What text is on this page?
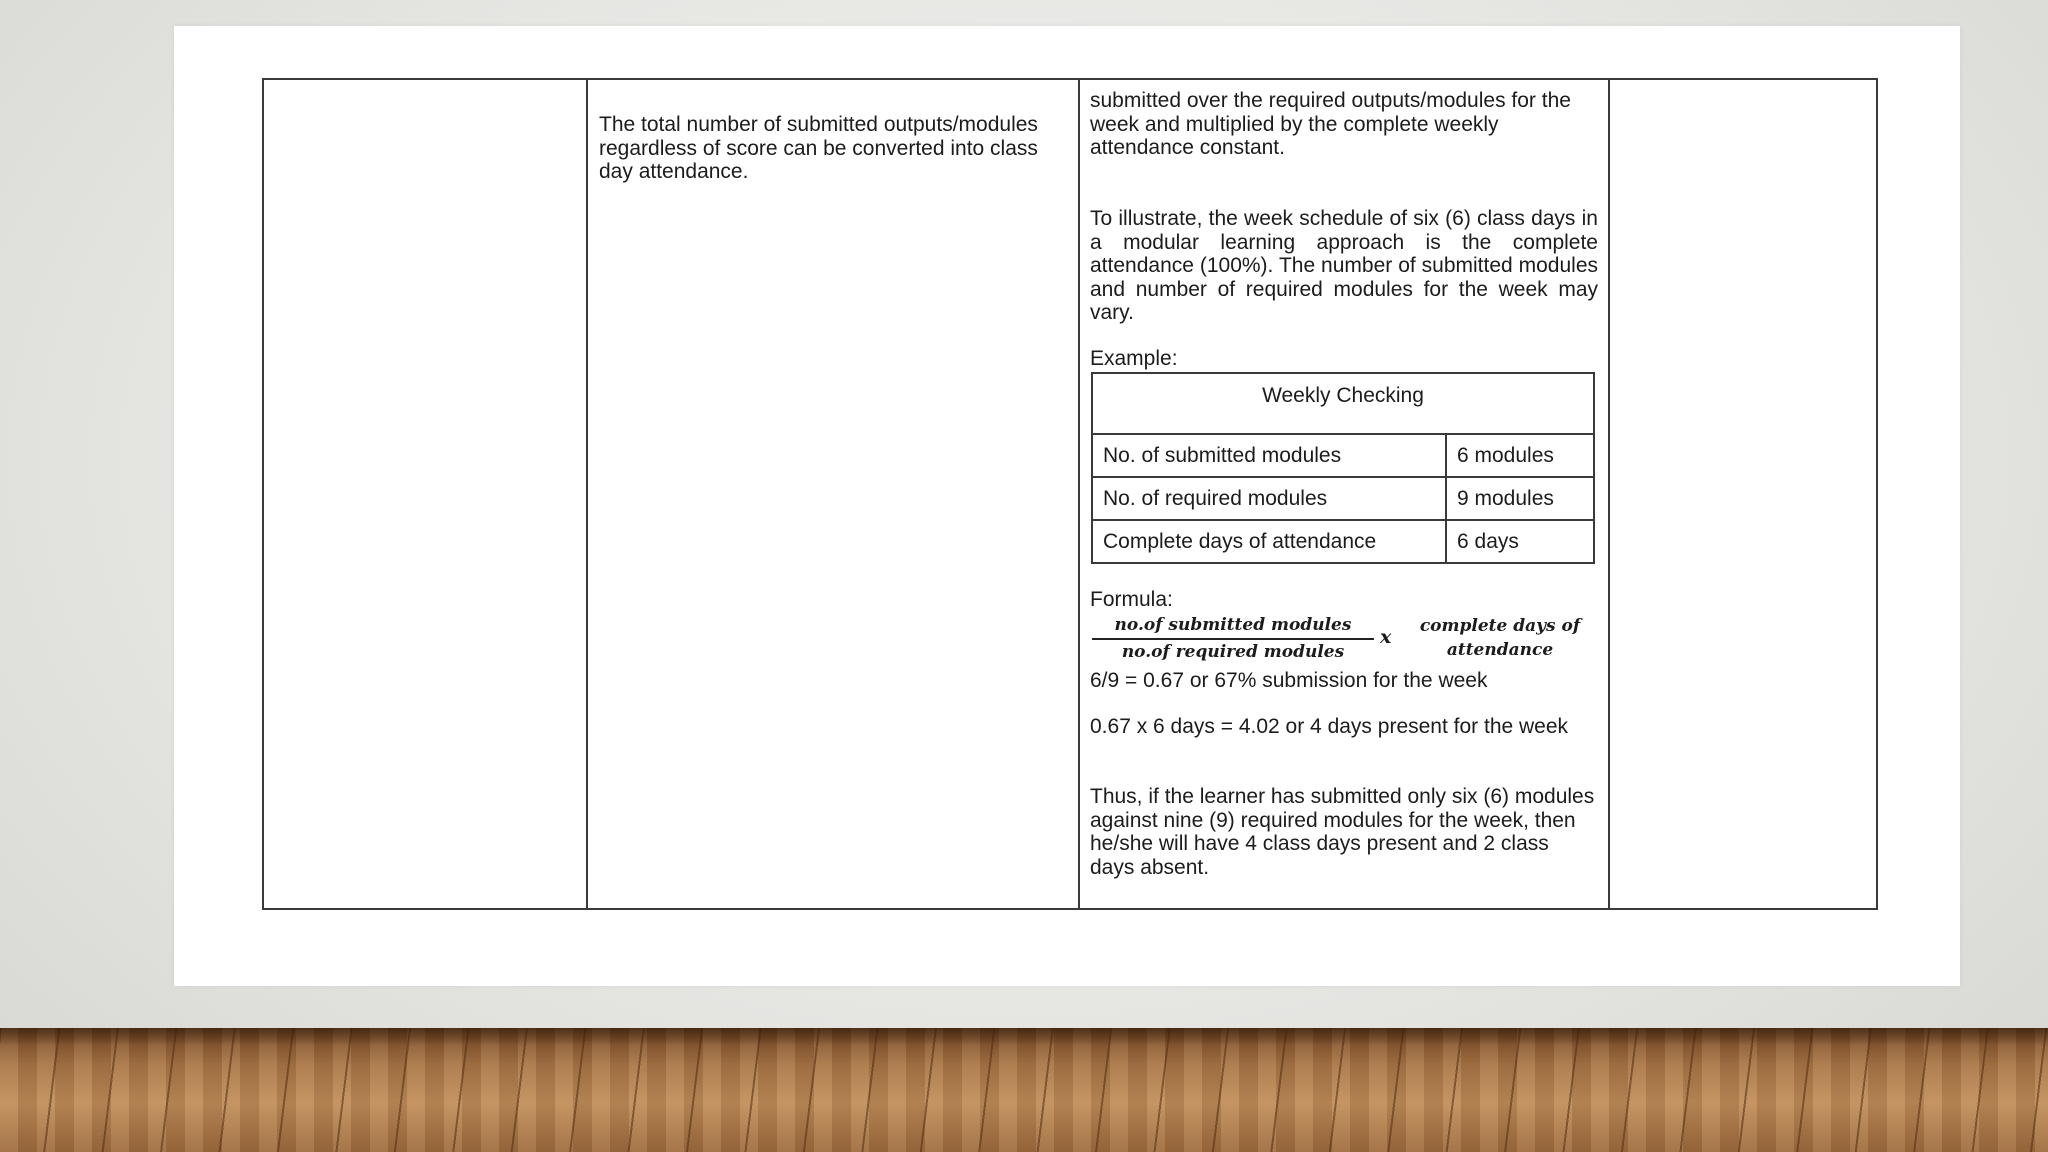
The total number of submitted outputs/modules regardless of score can be converted into class day attendance.
submitted over the required outputs/modules for the week and multiplied by the complete weekly attendance constant.
To illustrate, the week schedule of six (6) class days in a modular learning approach is the complete attendance (100%). The number of submitted modules and number of required modules for the week may vary.
Example:
Weekly Checking	
No. of submitted modules	6 modules
No. of required modules	9 modules
Complete days of attendance	6 days
Formula:
no.of submitted modules
no.of required modules
x	complete days of
attendance
6/9 = 0.67 or 67% submission for the week
0.67 x 6 days = 4.02 or 4 days present for the week
Thus, if the learner has submitted only six (6) modules against nine (9) required modules for the week, then he/she will have 4 class days present and 2 class days absent.
